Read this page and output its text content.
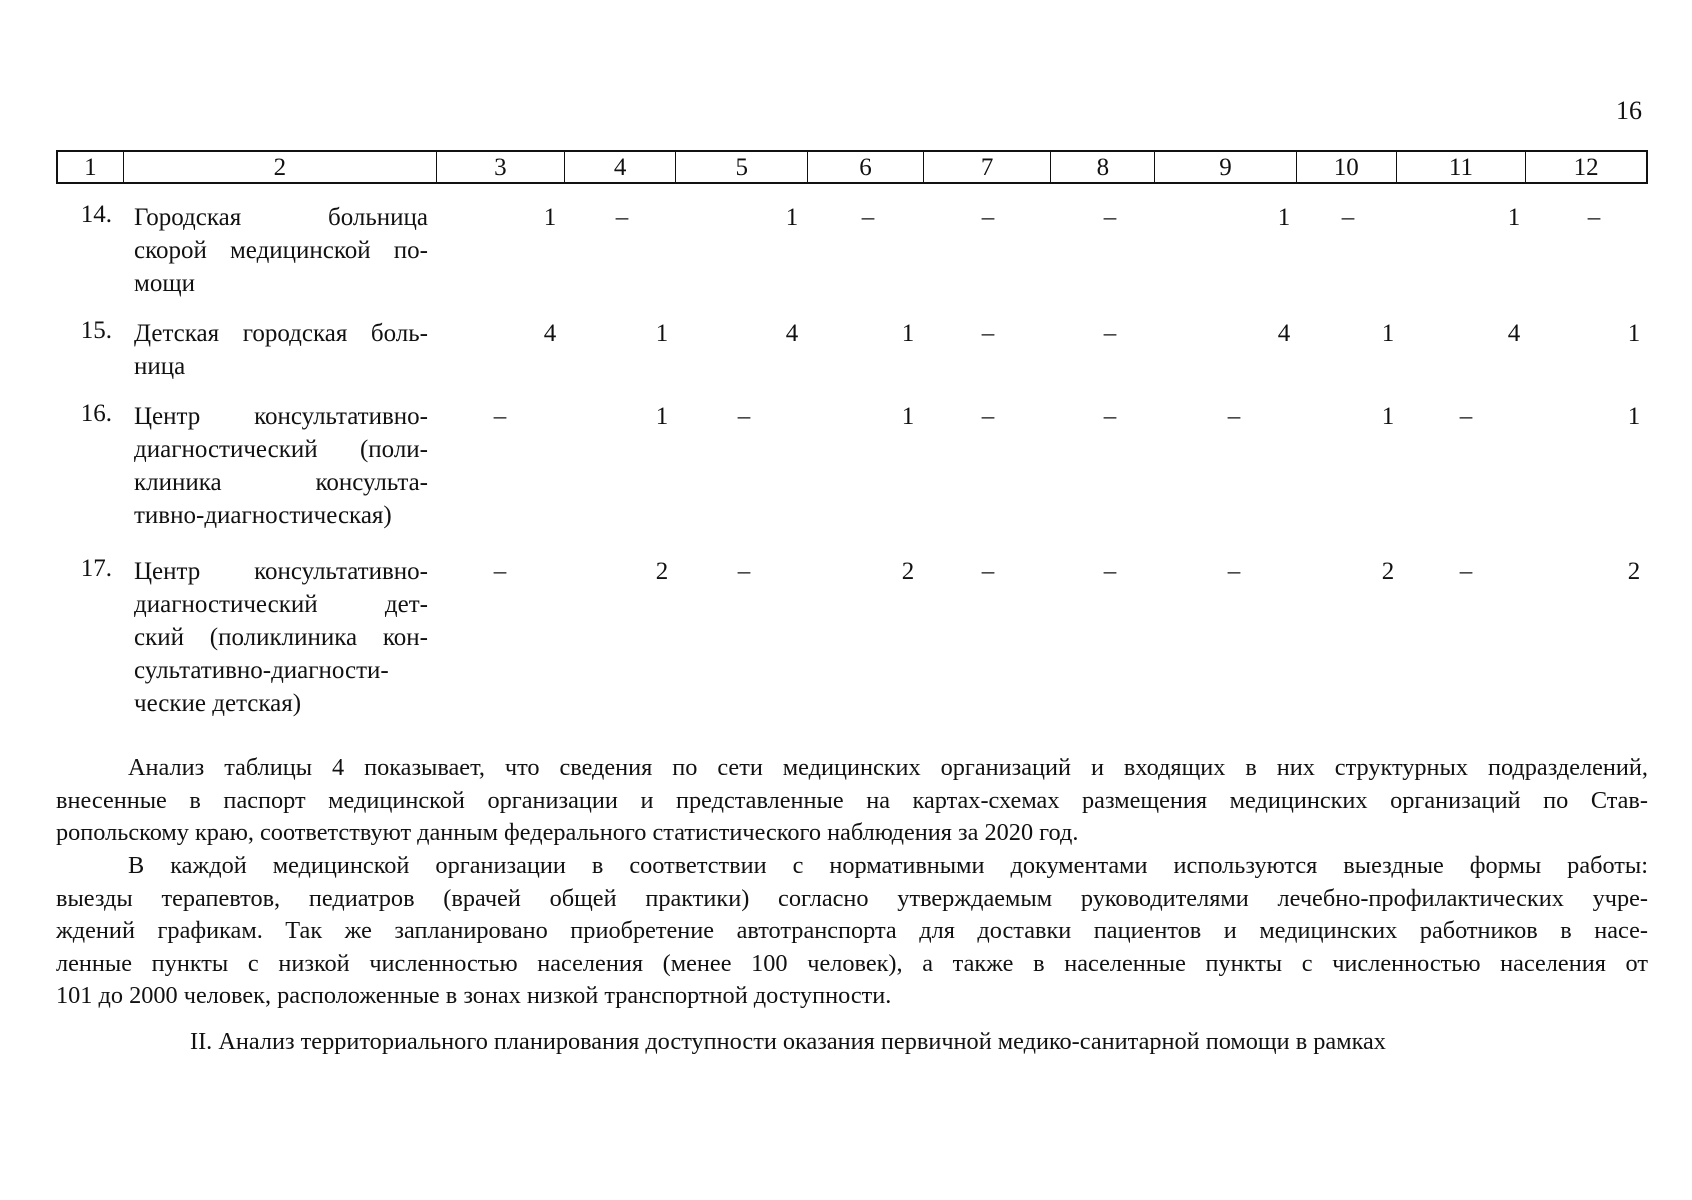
16
1	2	3	4	5	6	7	8	9	10	11	12
14. Городская больница
скорой медицинской по-
мощи
1	–	1	–	–	–	1	–	1	–
15. Детская городская боль-
ница
4	1	4	1	–	–	4	1	4	1
16. Центр консультативно-
диагностический (поли-
клиника консульта-
тивно-диагностическая)
–	1	–	1	–	–	–	1	–	1
17. Центр консультативно-
диагностический дет-
ский (поликлиника кон-
сультативно-диагности-
ческие детская)
–	2	–	2	–	–	–	2	–	2
Анализ таблицы 4 показывает, что сведения по сети медицинских организаций и входящих в них структурных подразделений,
внесенные в паспорт медицинской организации и представленные на картах-схемах размещения медицинских организаций по Став-
ропольскому краю, соответствуют данным федерального статистического наблюдения за 2020 год.
В каждой медицинской организации в соответствии с нормативными документами используются выездные формы работы:
выезды терапевтов, педиатров (врачей общей практики) согласно утверждаемым руководителями лечебно-профилактических учре-
ждений графикам. Так же запланировано приобретение автотранспорта для доставки пациентов и медицинских работников в насе-
ленные пункты с низкой численностью населения (менее 100 человек), а также в населенные пункты с численностью населения от
101 до 2000 человек, расположенные в зонах низкой транспортной доступности.
II. Анализ территориального планирования доступности оказания первичной медико-санитарной помощи в рамках
